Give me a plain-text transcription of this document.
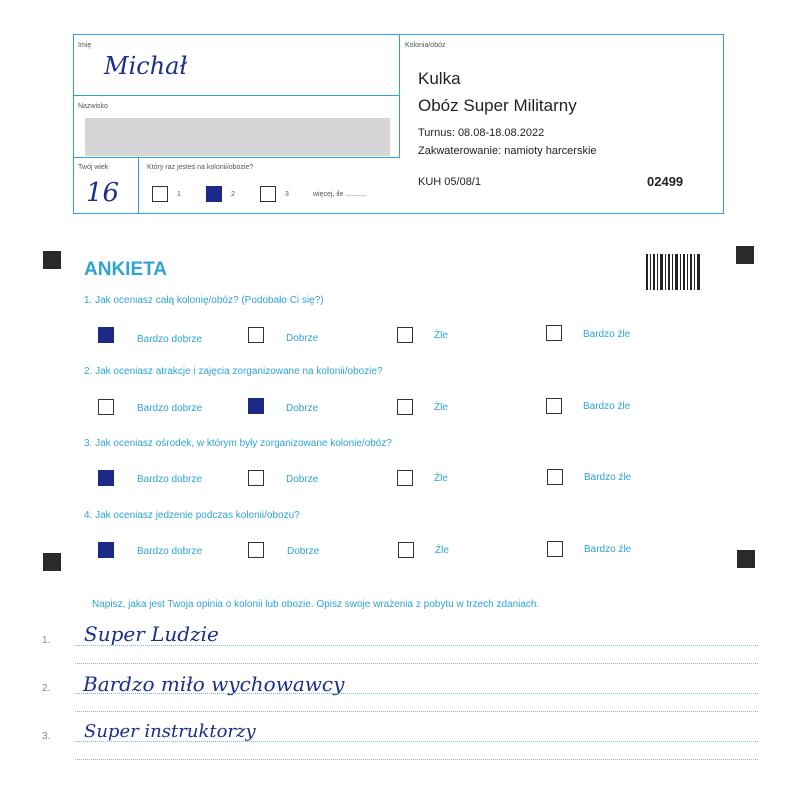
Imię
Michał
Nazwisko
Twój wiek
16
Który raz jesteś na kolonii/obozie?
1	2	3	więcej, ile ...........
Kolonia/obóz
Kulka
Obóz Super Militarny
Turnus: 08.08-18.08.2022
Zakwaterowanie: namioty harcerskie
KUH 05/08/1	02499
ANKIETA
1. Jak oceniasz całą kolonię/obóz? (Podobało Ci się?)
Bardzo dobrze	Dobrze	Źle	Bardzo źle
2. Jak oceniasz atrakcje i zajęcia zorganizowane na kolonii/obozie?
Bardzo dobrze	Dobrze	Źle	Bardzo źle
3. Jak oceniasz ośrodek, w którym były zorganizowane kolonie/obóz?
Bardzo dobrze	Dobrze	Źle	Bardzo źle
4. Jak oceniasz jedzenie podczas kolonii/obozu?
Bardzo dobrze	Dobrze	Źle	Bardzo źle
Napisz, jaka jest Twoja opinia o kolonii lub obozie. Opisz swoje wrażenia z pobytu w trzech zdaniach.
1. Super Ludzie
2. Bardzo miło wychowawcy
3. Super instruktorzy
